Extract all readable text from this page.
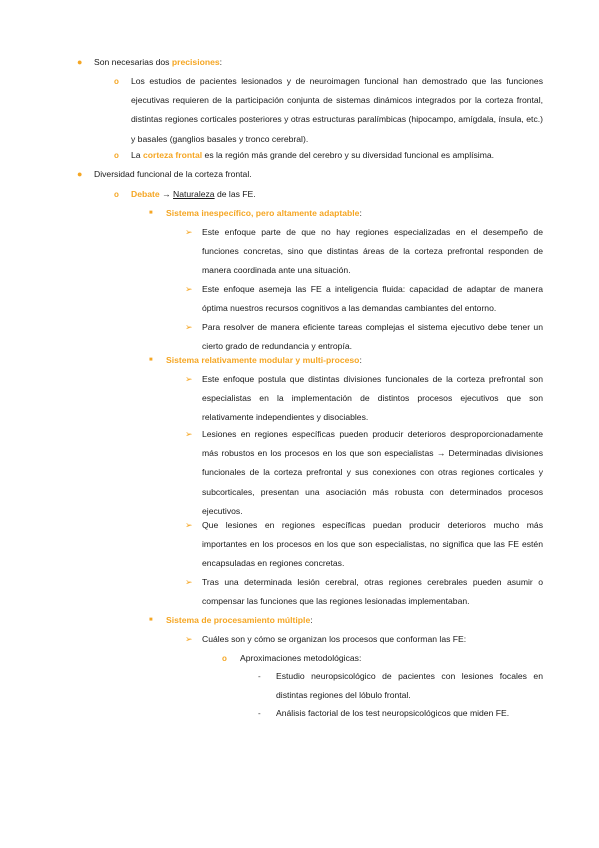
● Son necesarias dos precisiones:
o Los estudios de pacientes lesionados y de neuroimagen funcional han demostrado que las funciones ejecutivas requieren de la participación conjunta de sistemas dinámicos integrados por la corteza frontal, distintas regiones corticales posteriores y otras estructuras paralímbicas (hipocampo, amígdala, ínsula, etc.) y basales (ganglios basales y tronco cerebral).
o La corteza frontal es la región más grande del cerebro y su diversidad funcional es amplísima.
● Diversidad funcional de la corteza frontal.
o Debate → Naturaleza de las FE.
■ Sistema inespecífico, pero altamente adaptable:
➢ Este enfoque parte de que no hay regiones especializadas en el desempeño de funciones concretas, sino que distintas áreas de la corteza prefrontal responden de manera coordinada ante una situación.
➢ Este enfoque asemeja las FE a inteligencia fluida: capacidad de adaptar de manera óptima nuestros recursos cognitivos a las demandas cambiantes del entorno.
➢ Para resolver de manera eficiente tareas complejas el sistema ejecutivo debe tener un cierto grado de redundancia y entropía.
■ Sistema relativamente modular y multi-proceso:
➢ Este enfoque postula que distintas divisiones funcionales de la corteza prefrontal son especialistas en la implementación de distintos procesos ejecutivos que son relativamente independientes y disociables.
➢ Lesiones en regiones específicas pueden producir deterioros desproporcionadamente más robustos en los procesos en los que son especialistas → Determinadas divisiones funcionales de la corteza prefrontal y sus conexiones con otras regiones corticales y subcorticales, presentan una asociación más robusta con determinados procesos ejecutivos.
➢ Que lesiones en regiones específicas puedan producir deterioros mucho más importantes en los procesos en los que son especialistas, no significa que las FE estén encapsuladas en regiones concretas.
➢ Tras una determinada lesión cerebral, otras regiones cerebrales pueden asumir o compensar las funciones que las regiones lesionadas implementaban.
■ Sistema de procesamiento múltiple:
➢ Cuáles son y cómo se organizan los procesos que conforman las FE:
o Aproximaciones metodológicas:
- Estudio neuropsicológico de pacientes con lesiones focales en distintas regiones del lóbulo frontal.
- Análisis factorial de los test neuropsicológicos que miden FE.
